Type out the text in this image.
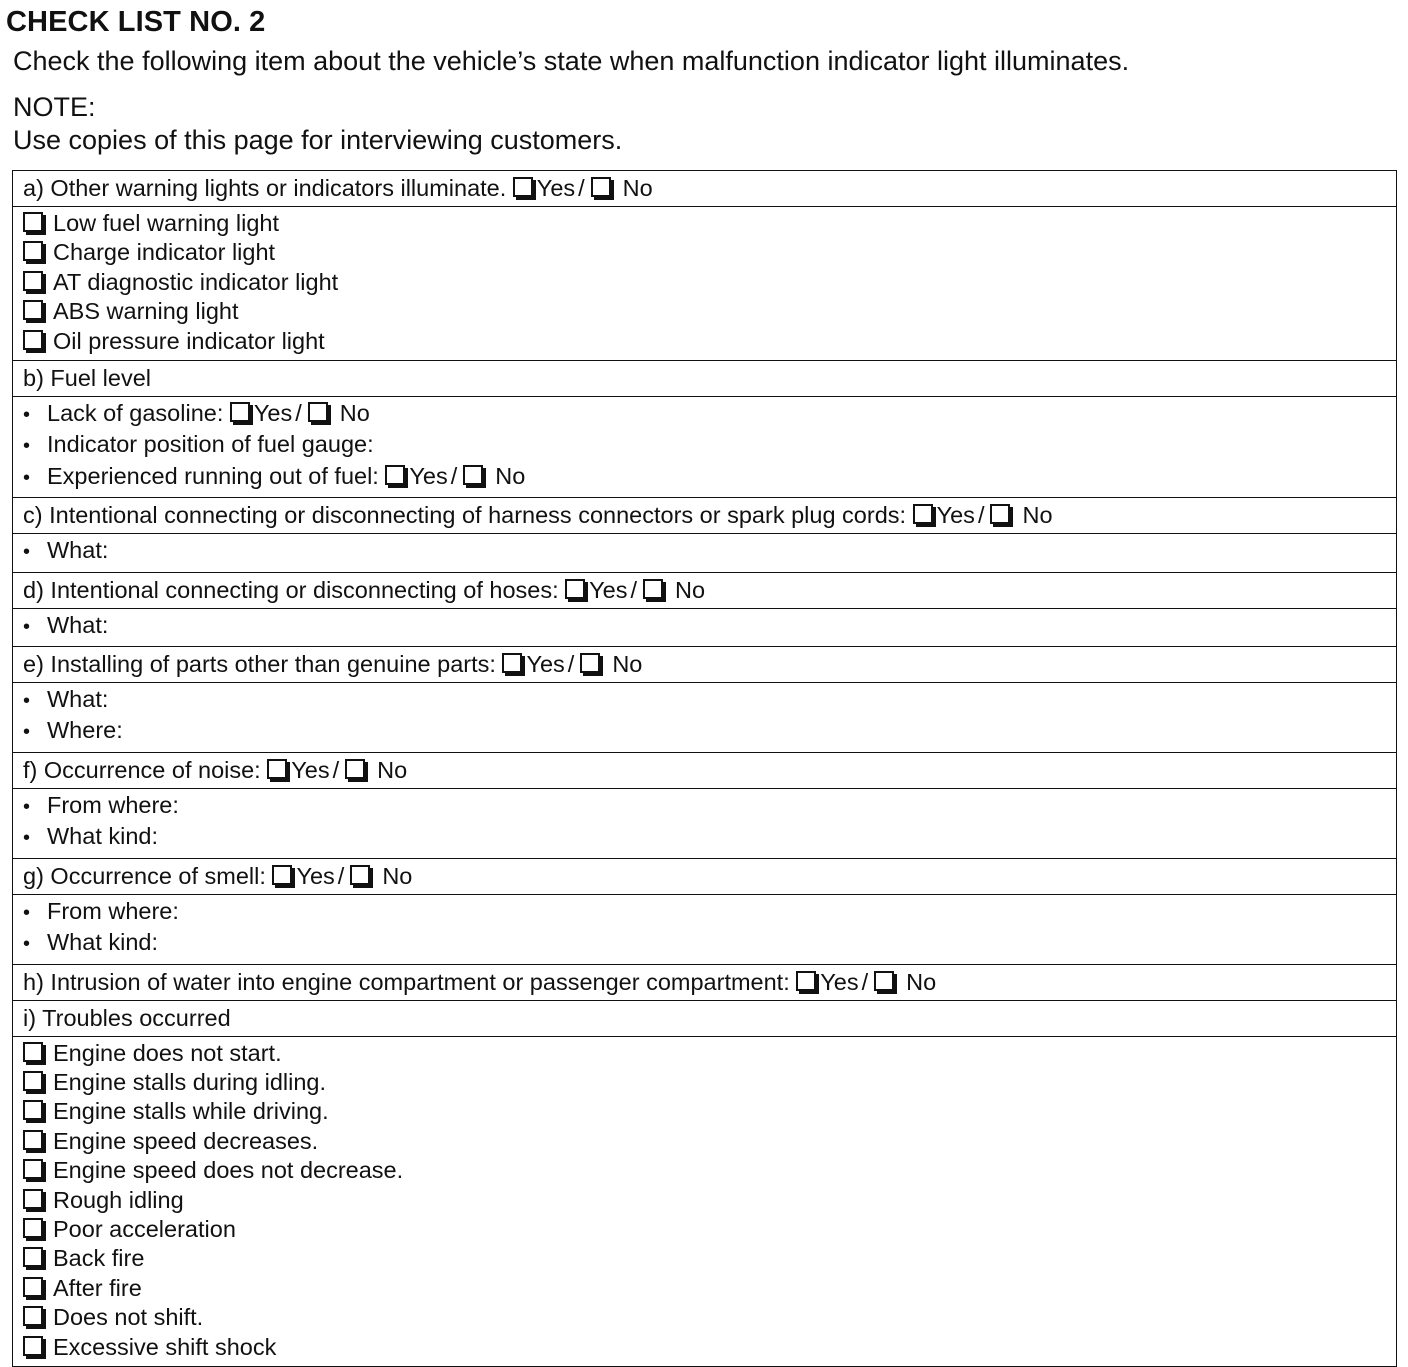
CHECK LIST NO. 2

Check the following item about the vehicle’s state when malfunction indicator light illuminates.

NOTE:

Use copies of this page for interviewing customers.

a) Other warning lights or indicators illuminate. Yes / No

Low fuel warning light
Charge indicator light
AT diagnostic indicator light
ABS warning light
Oil pressure indicator light

b) Fuel level

• Lack of gasoline: Yes / No
• Indicator position of fuel gauge:
• Experienced running out of fuel: Yes / No

c) Intentional connecting or disconnecting of harness connectors or spark plug cords: Yes / No

• What:

d) Intentional connecting or disconnecting of hoses: Yes / No

• What:

e) Installing of parts other than genuine parts: Yes / No

• What:
• Where:

f) Occurrence of noise: Yes / No

• From where:
• What kind:

g) Occurrence of smell: Yes / No

• From where:
• What kind:

h) Intrusion of water into engine compartment or passenger compartment: Yes / No
i) Troubles occurred

Engine does not start.
Engine stalls during idling.
Engine stalls while driving.
Engine speed decreases.
Engine speed does not decrease.
Rough idling
Poor acceleration
Back fire
After fire
Does not shift.
Excessive shift shock
